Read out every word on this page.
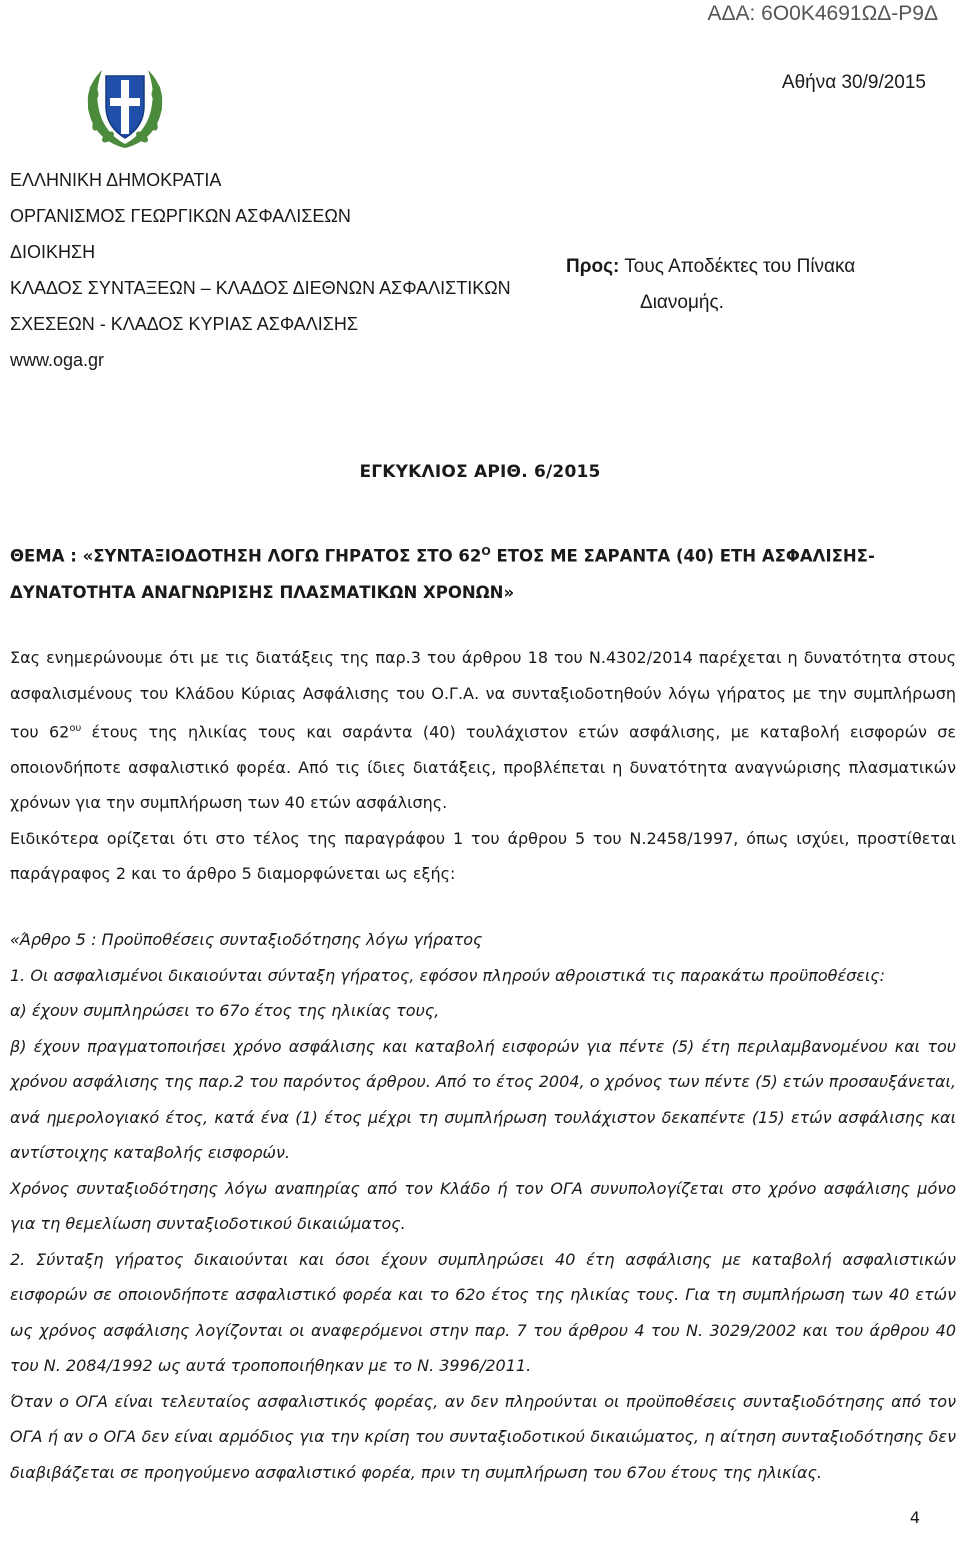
ΑΔΑ: 6Ο0Κ4691ΩΔ-Ρ9Δ
Αθήνα 30/9/2015
ΕΛΛΗΝΙΚΗ ΔΗΜΟΚΡΑΤΙΑ
ΟΡΓΑΝΙΣΜΟΣ ΓΕΩΡΓΙΚΩΝ ΑΣΦΑΛΙΣΕΩΝ
ΔΙΟΙΚΗΣΗ
ΚΛΑΔΟΣ ΣΥΝΤΑΞΕΩΝ – ΚΛΑΔΟΣ ΔΙΕΘΝΩΝ ΑΣΦΑΛΙΣΤΙΚΩΝ
ΣΧΕΣΕΩΝ - ΚΛΑΔΟΣ ΚΥΡΙΑΣ ΑΣΦΑΛΙΣΗΣ
www.oga.gr
Προς: Τους Αποδέκτες του Πίνακα
Διανομής.
ΕΓΚΥΚΛΙΟΣ ΑΡΙΘ. 6/2015
ΘΕΜΑ : «ΣΥΝΤΑΞΙΟΔΟΤΗΣΗ ΛΟΓΩ ΓΗΡΑΤΟΣ ΣΤΟ $62^O$ ΕΤΟΣ ΜΕ ΣΑΡΑΝΤΑ (40) ΕΤΗ ΑΣΦΑΛΙΣΗΣ-ΔΥΝΑΤΟΤΗΤΑ ΑΝΑΓΝΩΡΙΣΗΣ ΠΛΑΣΜΑΤΙΚΩΝ ΧΡΟΝΩΝ»

Σας ενημερώνουμε ότι με τις διατάξεις της παρ.3 του άρθρου 18 του Ν.4302/2014 παρέχεται η δυνατότητα στους ασφαλισμένους του Κλάδου Κύριας Ασφάλισης του Ο.Γ.Α. να συνταξιοδοτηθούν λόγω γήρατος με την συμπλήρωση του $62^{o\upsilon}$ έτους της ηλικίας τους και σαράντα (40) τουλάχιστον ετών ασφάλισης, με καταβολή εισφορών σε οποιονδήποτε ασφαλιστικό φορέα. Από τις ίδιες διατάξεις, προβλέπεται η δυνατότητα αναγνώρισης πλασματικών χρόνων για την συμπλήρωση των 40 ετών ασφάλισης.

Ειδικότερα ορίζεται ότι στο τέλος της παραγράφου 1 του άρθρου 5 του Ν.2458/1997, όπως ισχύει, προστίθεται παράγραφος 2 και το άρθρο 5 διαμορφώνεται ως εξής:

«Άρθρο 5 : Προϋποθέσεις συνταξιοδότησης λόγω γήρατος

1. Οι ασφαλισμένοι δικαιούνται σύνταξη γήρατος, εφόσον πληρούν αθροιστικά τις παρακάτω προϋποθέσεις:

α) έχουν συμπληρώσει το 67ο έτος της ηλικίας τους,

β) έχουν πραγματοποιήσει χρόνο ασφάλισης και καταβολή εισφορών για πέντε (5) έτη περιλαμβανομένου και του χρόνου ασφάλισης της παρ.2 του παρόντος άρθρου. Από το έτος 2004, ο χρόνος των πέντε (5) ετών προσαυξάνεται, ανά ημερολογιακό έτος, κατά ένα (1) έτος μέχρι τη συμπλήρωση τουλάχιστον δεκαπέντε (15) ετών ασφάλισης και αντίστοιχης καταβολής εισφορών.

Χρόνος συνταξιοδότησης λόγω αναπηρίας από τον Κλάδο ή τον ΟΓΑ συνυπολογίζεται στο χρόνο ασφάλισης μόνο για τη θεμελίωση συνταξιοδοτικού δικαιώματος.

2. Σύνταξη γήρατος δικαιούνται και όσοι έχουν συμπληρώσει 40 έτη ασφάλισης με καταβολή ασφαλιστικών εισφορών σε οποιονδήποτε ασφαλιστικό φορέα και το 62ο έτος της ηλικίας τους. Για τη συμπλήρωση των 40 ετών ως χρόνος ασφάλισης λογίζονται οι αναφερόμενοι στην παρ. 7 του άρθρου 4 του Ν. 3029/2002 και του άρθρου 40 του Ν. 2084/1992 ως αυτά τροποποιήθηκαν με το Ν. 3996/2011.

Όταν ο ΟΓΑ είναι τελευταίος ασφαλιστικός φορέας, αν δεν πληρούνται οι προϋποθέσεις συνταξιοδότησης από τον ΟΓΑ ή αν ο ΟΓΑ δεν είναι αρμόδιος για την κρίση του συνταξιοδοτικού δικαιώματος, η αίτηση συνταξιοδότησης δεν διαβιβάζεται σε προηγούμενο ασφαλιστικό φορέα, πριν τη συμπλήρωση του 67ου έτους της ηλικίας.

4
